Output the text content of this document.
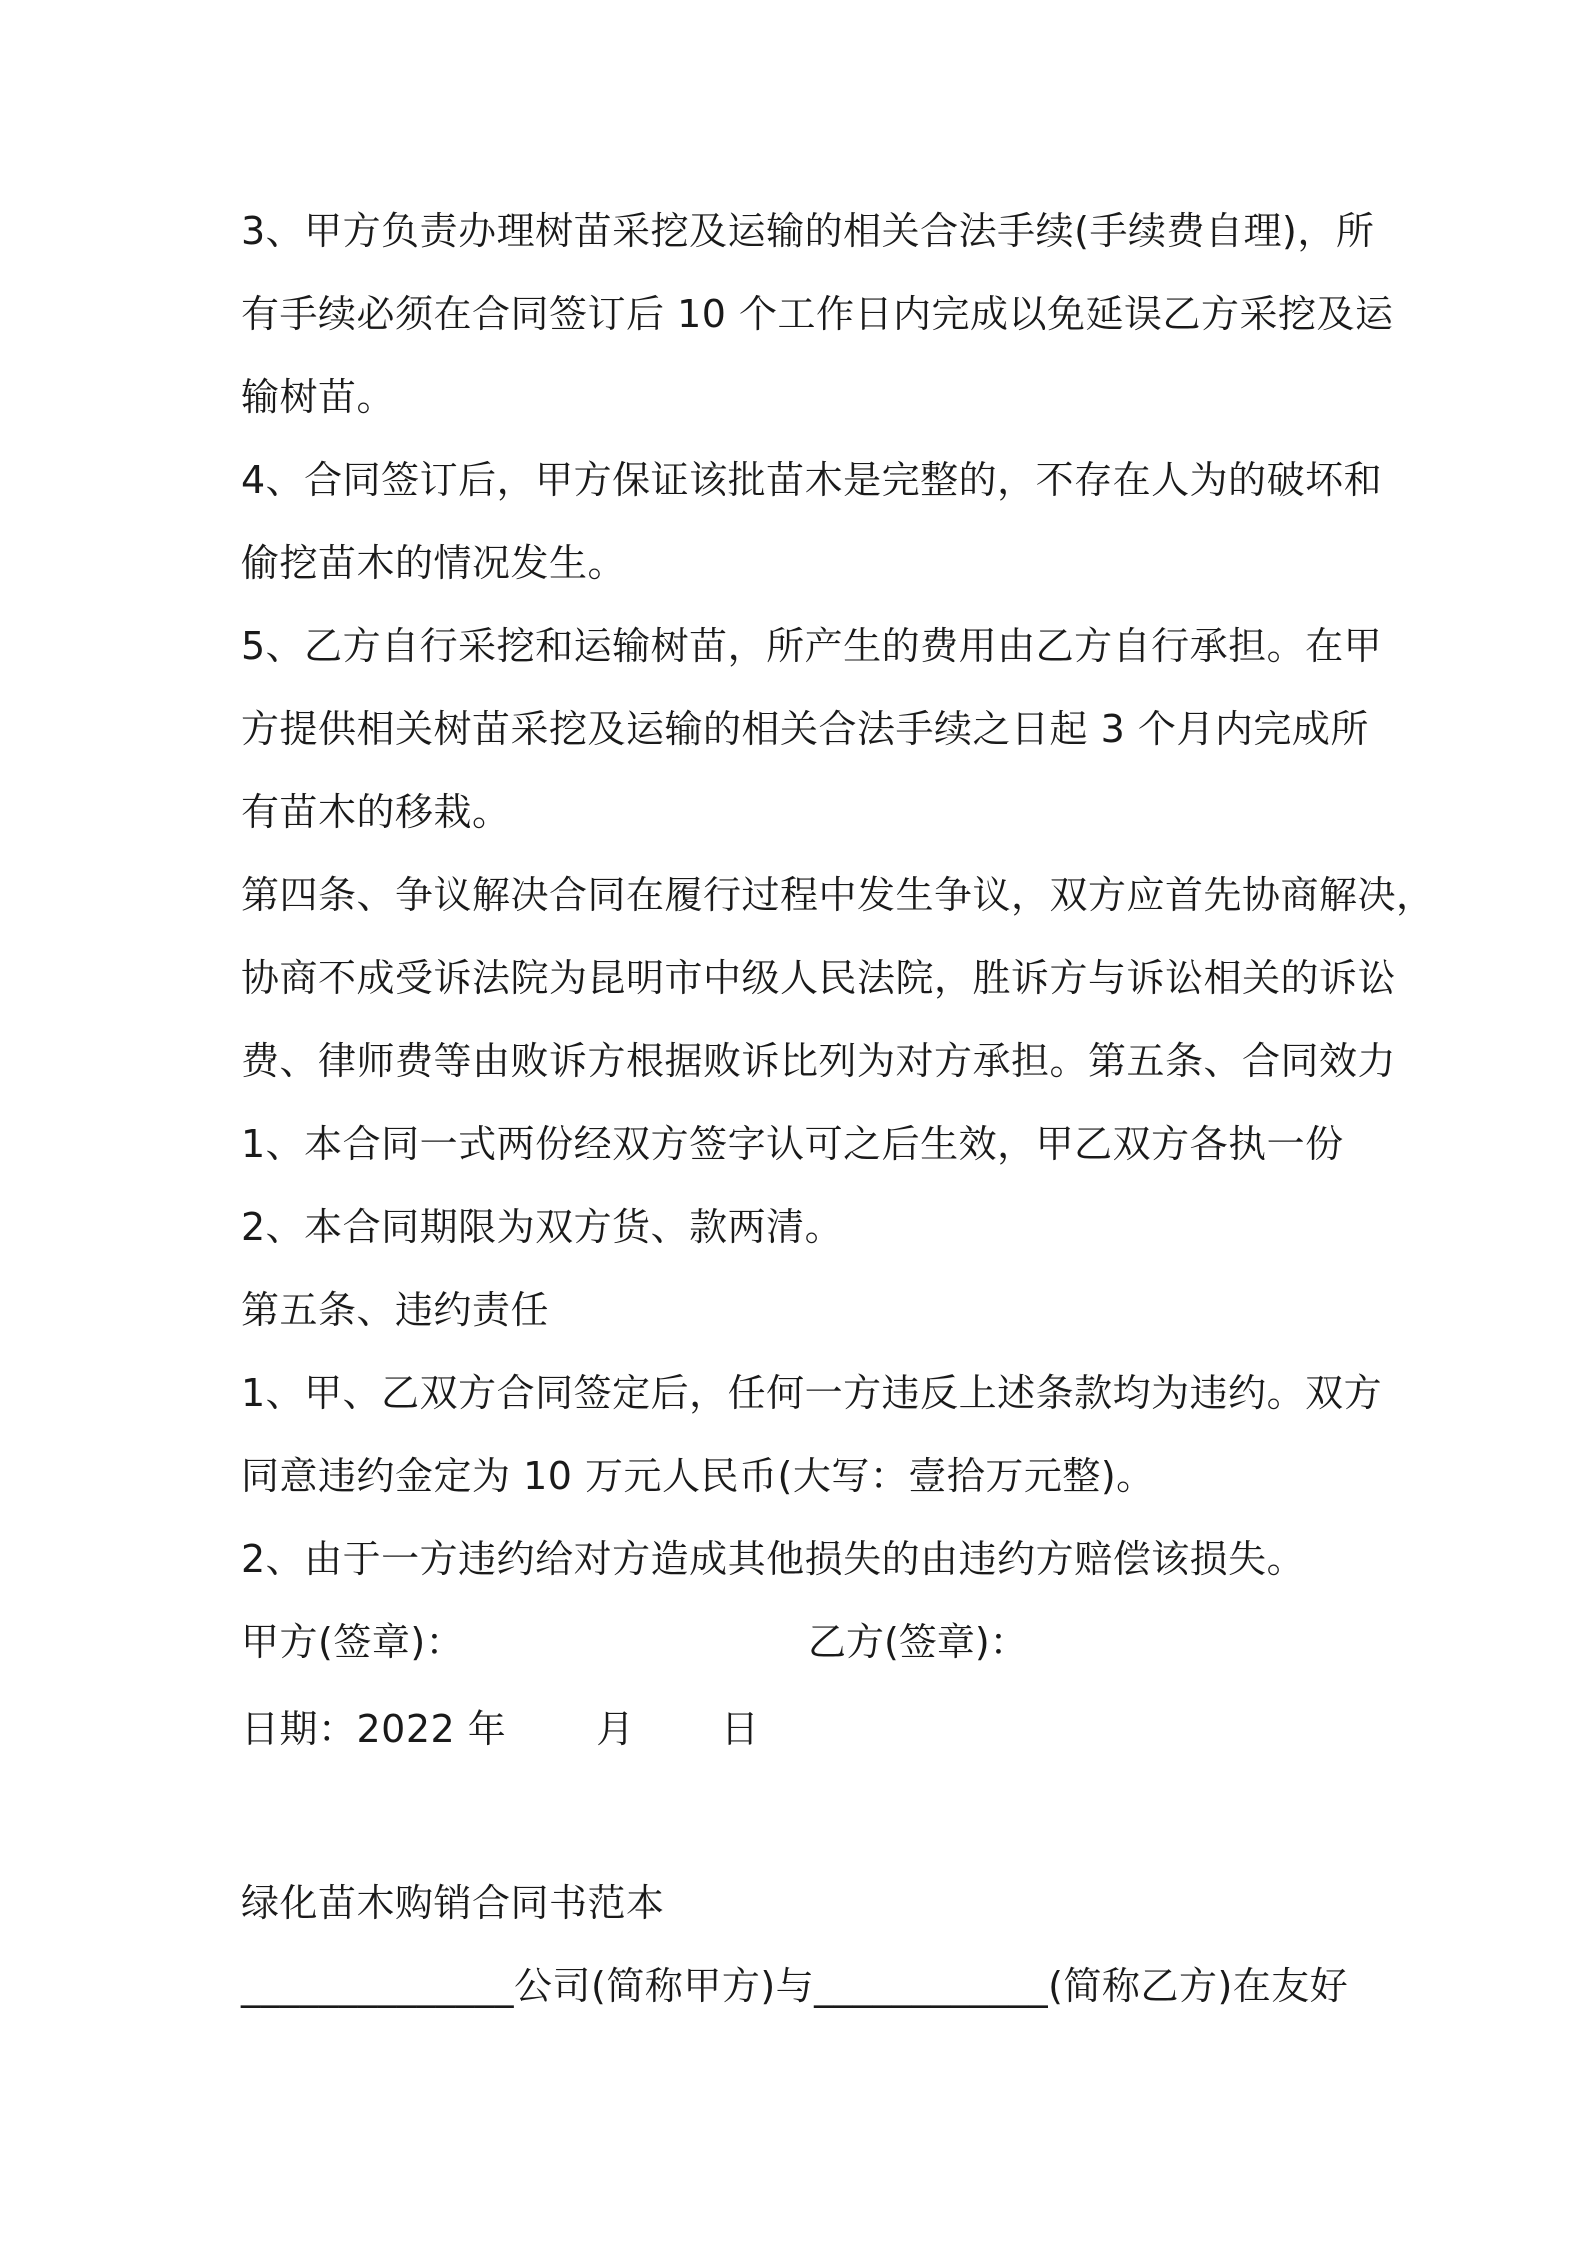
3、甲方负责办理树苗采挖及运输的相关合法手续(手续费自理)，所
有手续必须在合同签订后 10 个工作日内完成以免延误乙方采挖及运
输树苗。
4、合同签订后，甲方保证该批苗木是完整的，不存在人为的破坏和
偷挖苗木的情况发生。
5、乙方自行采挖和运输树苗，所产生的费用由乙方自行承担。在甲
方提供相关树苗采挖及运输的相关合法手续之日起 3 个月内完成所
有苗木的移栽。
第四条、争议解决合同在履行过程中发生争议，双方应首先协商解决，
协商不成受诉法院为昆明市中级人民法院，胜诉方与诉讼相关的诉讼
费、律师费等由败诉方根据败诉比列为对方承担。第五条、合同效力
1、本合同一式两份经双方签字认可之后生效，甲乙双方各执一份
2、本合同期限为双方货、款两清。
第五条、违约责任
1、甲、乙双方合同签定后，任何一方违反上述条款均为违约。双方
同意违约金定为 10 万元人民币(大写：壹拾万元整)。
2、由于一方违约给对方造成其他损失的由违约方赔偿该损失。
甲方(签章)：	乙方(签章)：
日期：2022 年 月 日
绿化苗木购销合同书范本
______________公司(简称甲方)与____________(简称乙方)在友好
